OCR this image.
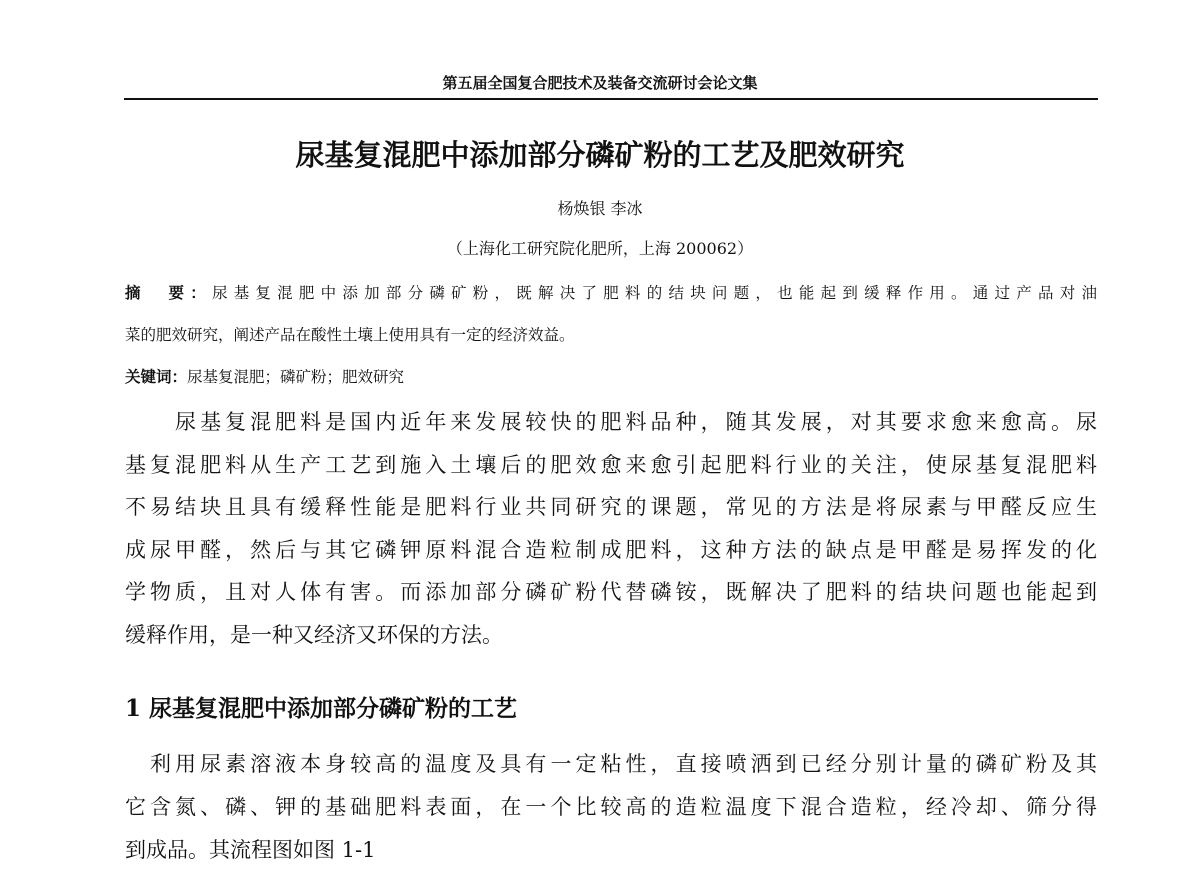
第五届全国复合肥技术及装备交流研讨会论文集
尿基复混肥中添加部分磷矿粉的工艺及肥效研究
杨焕银 李冰
（上海化工研究院化肥所，上海 200062）
摘　要：尿基复混肥中添加部分磷矿粉，既解决了肥料的结块问题，也能起到缓释作用。通过产品对油
菜的肥效研究，阐述产品在酸性土壤上使用具有一定的经济效益。
关键词：尿基复混肥；磷矿粉；肥效研究
　　尿基复混肥料是国内近年来发展较快的肥料品种，随其发展，对其要求愈来愈高。尿
基复混肥料从生产工艺到施入土壤后的肥效愈来愈引起肥料行业的关注，使尿基复混肥料
不易结块且具有缓释性能是肥料行业共同研究的课题，常见的方法是将尿素与甲醛反应生
成尿甲醛，然后与其它磷钾原料混合造粒制成肥料，这种方法的缺点是甲醛是易挥发的化
学物质，且对人体有害。而添加部分磷矿粉代替磷铵，既解决了肥料的结块问题也能起到
缓释作用，是一种又经济又环保的方法。
1 尿基复混肥中添加部分磷矿粉的工艺
　利用尿素溶液本身较高的温度及具有一定粘性，直接喷洒到已经分别计量的磷矿粉及其
它含氮、磷、钾的基础肥料表面，在一个比较高的造粒温度下混合造粒，经冷却、筛分得
到成品。其流程图如图 1-1
